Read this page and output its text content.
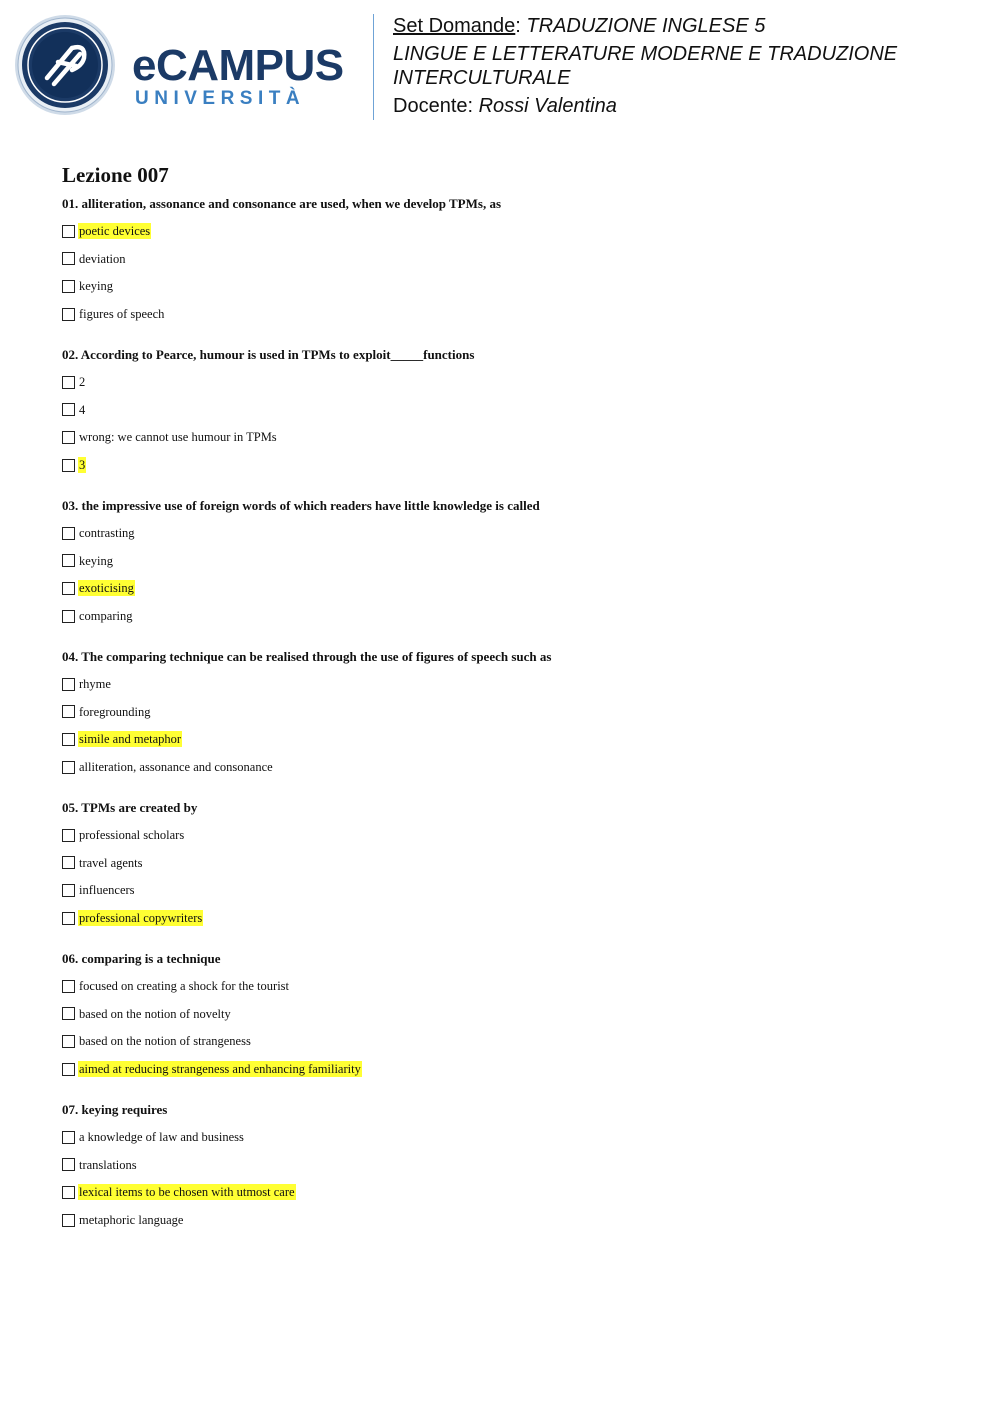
eCAMPUS
UNIVERSITÀ
Set Domande: TRADUZIONE INGLESE 5
LINGUE E LETTERATURE MODERNE E TRADUZIONE
INTERCULTURALE
Docente: Rossi Valentina
Lezione 007
01. alliteration, assonance and consonance are used, when we develop TPMs, as
poetic devices
deviation
keying
figures of speech
02. According to Pearce, humour is used in TPMs to exploit_____functions
2
4
wrong: we cannot use humour in TPMs
3
03. the impressive use of foreign words of which readers have little knowledge is called
contrasting
keying
exoticising
comparing
04. The comparing technique can be realised through the use of figures of speech such as
rhyme
foregrounding
simile and metaphor
alliteration, assonance and consonance
05. TPMs are created by
professional scholars
travel agents
influencers
professional copywriters
06. comparing is a technique
focused on creating a shock for the tourist
based on the notion of novelty
based on the notion of strangeness
aimed at reducing strangeness and enhancing familiarity
07. keying requires
a knowledge of law and business
translations
lexical items to be chosen with utmost care
metaphoric language
